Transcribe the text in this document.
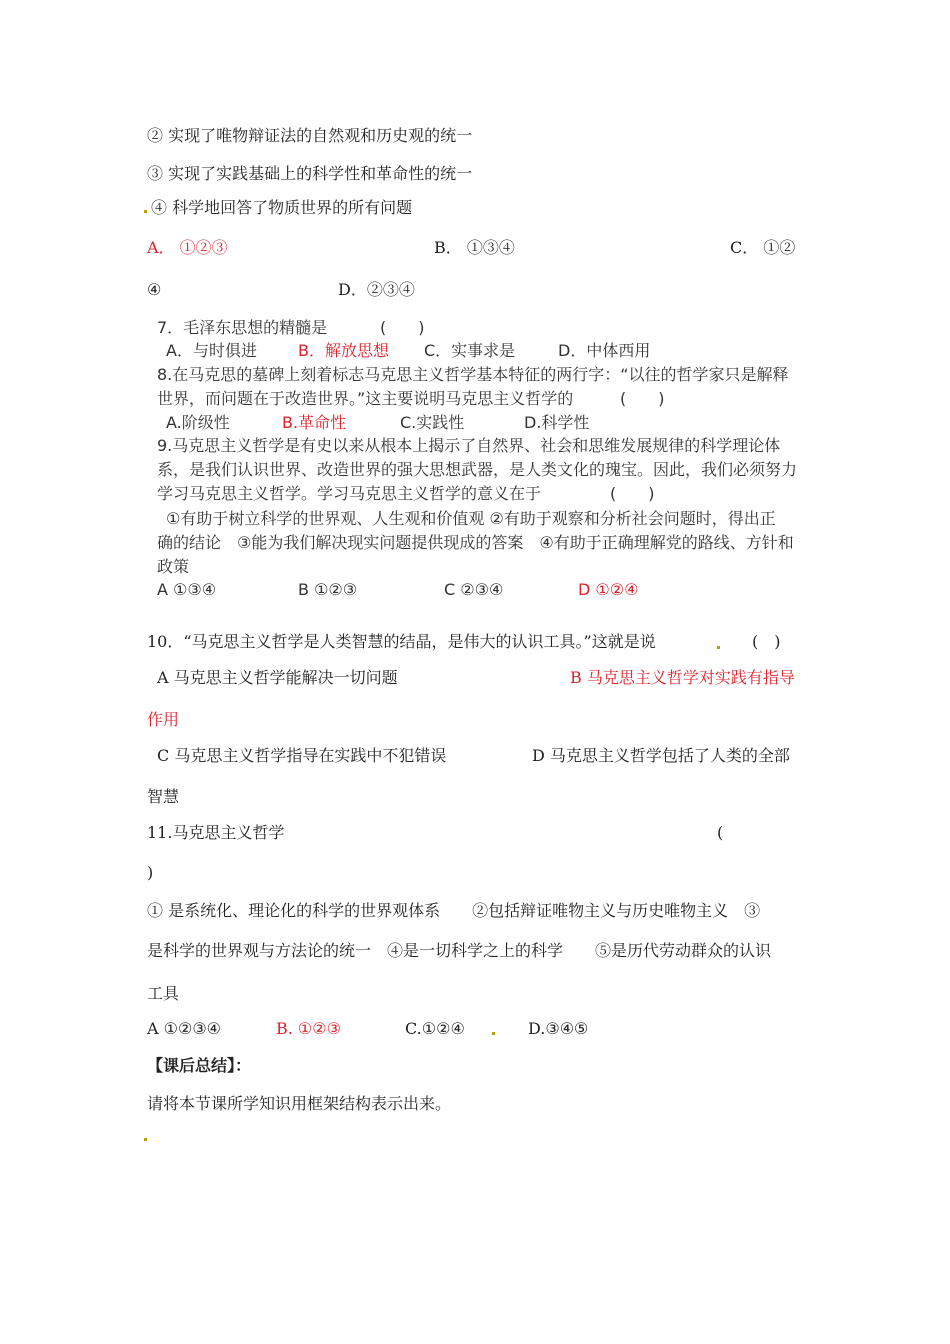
② 实现了唯物辩证法的自然观和历史观的统一
③ 实现了实践基础上的科学性和革命性的统一
④ 科学地回答了物质世界的所有问题
A． ①②③	B． ①③④	C． ①②
④	D．②③④
7．毛泽东思想的精髓是	(　　)
A．与时俱进	B．解放思想 C．实事求是	D．中体西用
8.在马克思的墓碑上刻着标志马克思主义哲学基本特征的两行字：“以往的哲学家只是解释
世界，而问题在于改造世界。”这主要说明马克思主义哲学的	(　　)
A.阶级性	B.革命性	C.实践性	D.科学性
9.马克思主义哲学是有史以来从根本上揭示了自然界、社会和思维发展规律的科学理论体
系，是我们认识世界、改造世界的强大思想武器，是人类文化的瑰宝。因此，我们必须努力
学习马克思主义哲学。学习马克思主义哲学的意义在于	(　　)
①有助于树立科学的世界观、人生观和价值观 ②有助于观察和分析社会问题时，得出正
确的结论　③能为我们解决现实问题提供现成的答案　④有助于正确理解党的路线、方针和
政策
A ①③④	B ①②③	C ②③④	D ①②④
10．“马克思主义哲学是人类智慧的结晶，是伟大的认识工具。”这就是说	(　)
A 马克思主义哲学能解决一切问题	B 马克思主义哲学对实践有指导
作用
C 马克思主义哲学指导在实践中不犯错误	D 马克思主义哲学包括了人类的全部
智慧
11.马克思主义哲学	(
)
① 是系统化、理论化的科学的世界观体系　　②包括辩证唯物主义与历史唯物主义　③
是科学的世界观与方法论的统一　④是一切科学之上的科学　　⑤是历代劳动群众的认识
工具
A ①②③④	B. ①②③	C.①②④	D.③④⑤
【课后总结】：
请将本节课所学知识用框架结构表示出来。
